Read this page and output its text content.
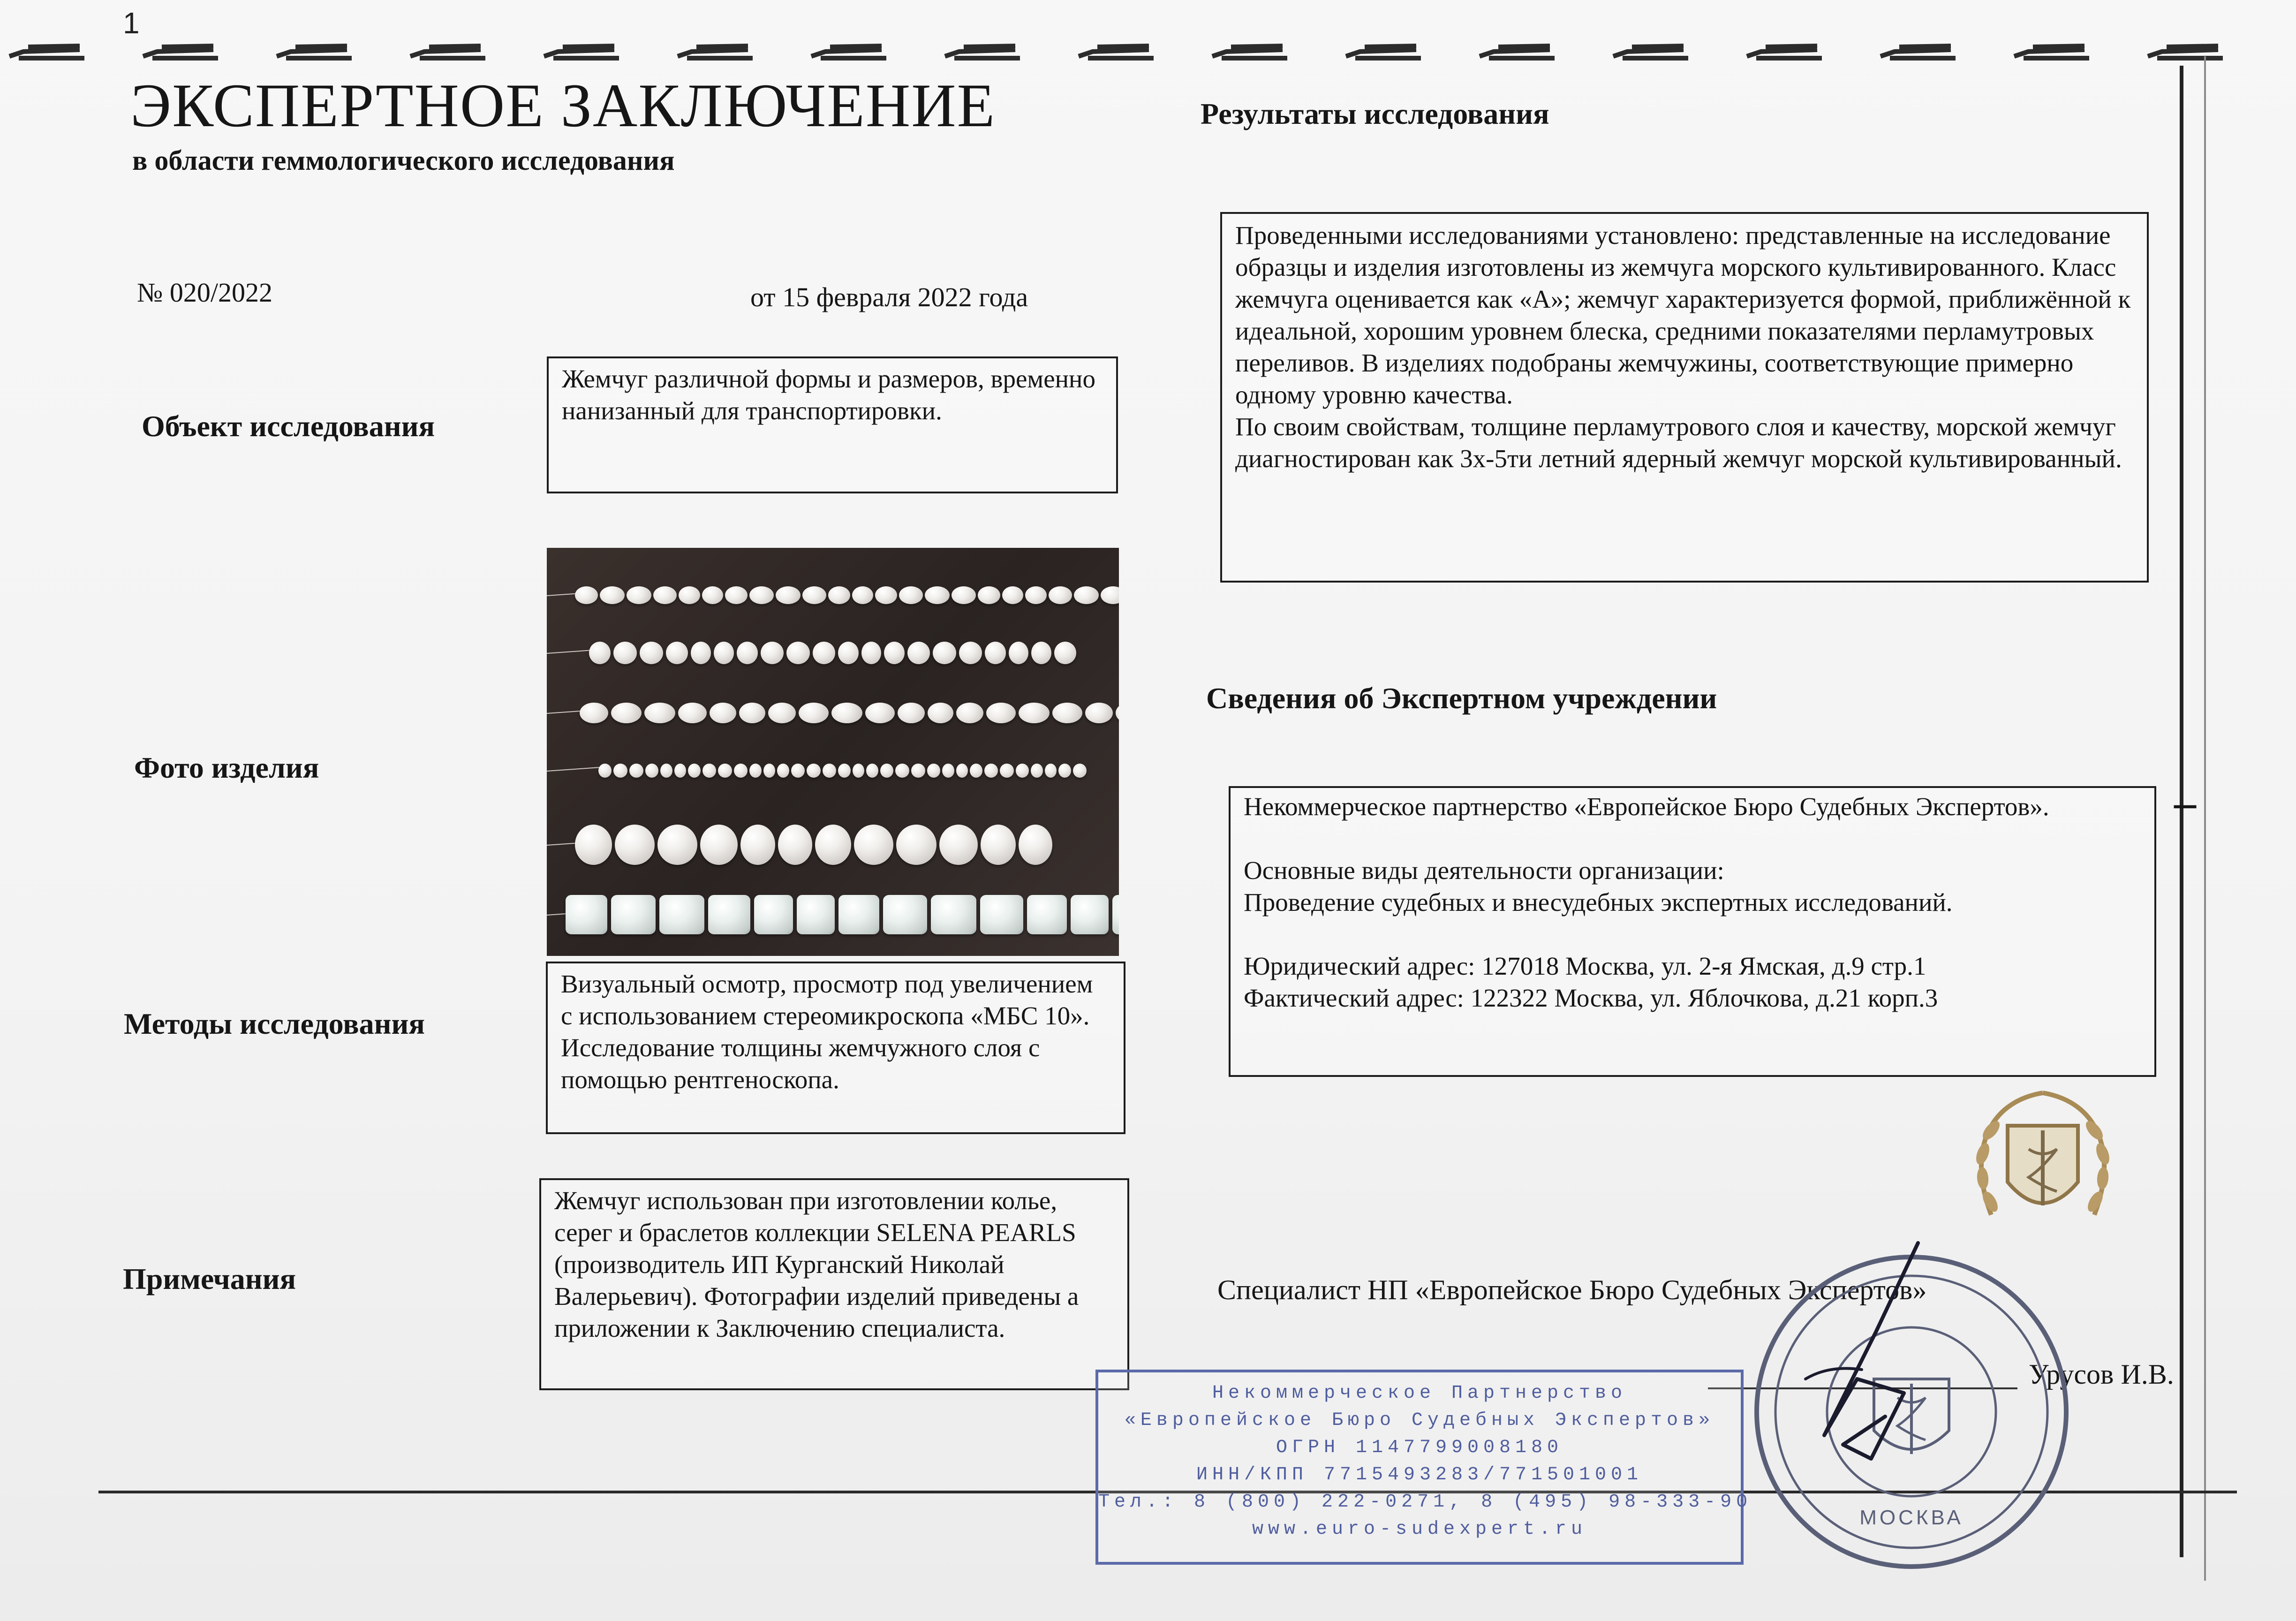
1
I
ЭКСПЕРТНОЕ ЗАКЛЮЧЕНИЕ
в области геммологического исследования
№ 020/2022	от 15 февраля 2022 года
Объект исследования

Жемчуг различной формы и размеров, временно нанизанный для транспортировки.

Фото изделия
Методы исследования

Визуальный осмотр, просмотр под увеличением с использованием стереомикроскопа «МБС 10». Исследование толщины жемчужного слоя с помощью рентгеноскопа.

Примечания

Жемчуг использован при изготовлении колье, серег и браслетов коллекции SELENA PEARLS (производитель ИП Курганский Николай Валерьевич). Фотографии изделий приведены а приложении к Заключению специалиста.

Результаты исследования

Проведенными исследованиями установлено: представленные на исследование образцы и изделия изготовлены из жемчуга морского культивированного. Класс жемчуга оценивается как «А»; жемчуг характеризуется формой, приближённой к идеальной, хорошим уровнем блеска, средними показателями перламутровых переливов. В изделиях подобраны жемчужины, соответствующие примерно одному уровню качества.

По своим свойствам, толщине перламутрового слоя и качеству, морской жемчуг диагностирован как 3х-5ти летний ядерный жемчуг морской культивированный.

Сведения об Экспертном учреждении

Некоммерческое партнерство «Европейское Бюро Судебных Экспертов».

Основные виды деятельности организации:

Проведение судебных и внесудебных экспертных исследований.

Юридический адрес: 127018 Москва, ул. 2-я Ямская, д.9 стр.1

Фактический адрес: 122322 Москва, ул. Яблочкова, д.21 корп.3

Специалист НП «Европейское Бюро Судебных Экспертов»
Урусов И.В.
МОСКВА
Некоммерческое Партнерство
«Европейское Бюро Судебных Экспертов»
ОГРН 1147799008180
ИНН/КПП 7715493283/771501001
Тел.: 8 (800) 222-0271, 8 (495) 98-333-90
www.euro-sudexpert.ru
